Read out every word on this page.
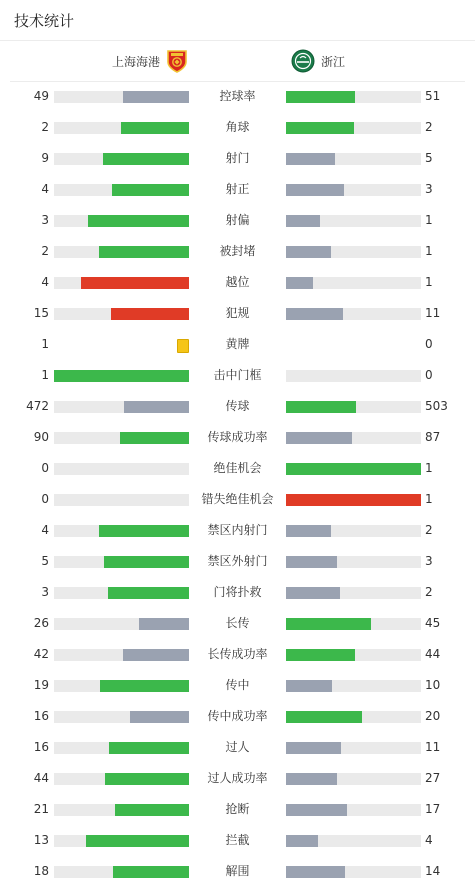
技术统计
上海海港	浙江
49	控球率	51
2	角球	2
9	射门	5
4	射正	3
3	射偏	1
2	被封堵	1
4	越位	1
15	犯规	11
1	黄牌	0
1	击中门框	0
472	传球	503
90	传球成功率	87
0	绝佳机会	1
0	错失绝佳机会	1
4	禁区内射门	2
5	禁区外射门	3
3	门将扑救	2
26	长传	45
42	长传成功率	44
19	传中	10
16	传中成功率	20
16	过人	11
44	过人成功率	27
21	抢断	17
13	拦截	4
18	解围	14
